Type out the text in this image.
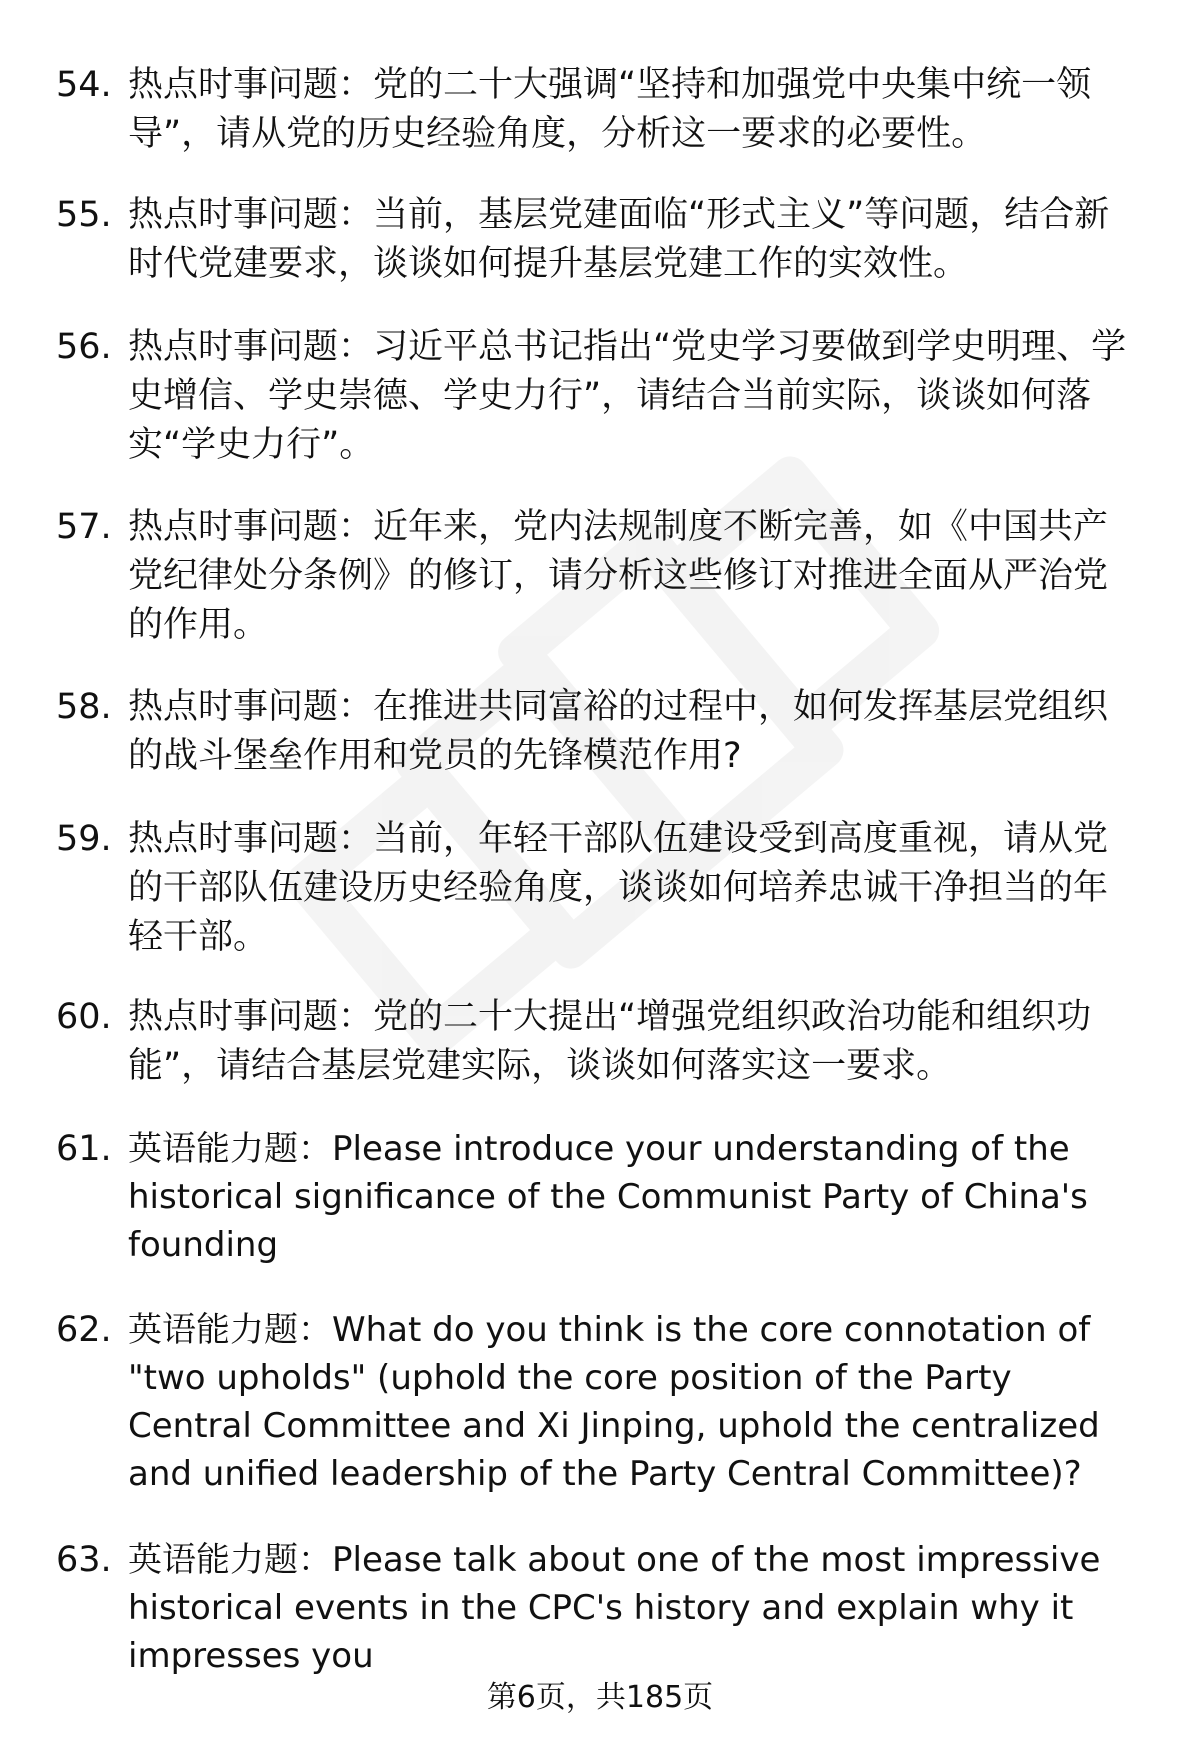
54. 热点时事问题：党的二十大强调“坚持和加强党中央集中统一领导”，请从党的历史经验角度，分析这一要求的必要性。
55. 热点时事问题：当前，基层党建面临“形式主义”等问题，结合新时代党建要求，谈谈如何提升基层党建工作的实效性。
56. 热点时事问题：习近平总书记指出“党史学习要做到学史明理、学史增信、学史崇德、学史力行”，请结合当前实际，谈谈如何落实“学史力行”。
57. 热点时事问题：近年来，党内法规制度不断完善，如《中国共产党纪律处分条例》的修订，请分析这些修订对推进全面从严治党的作用。
58. 热点时事问题：在推进共同富裕的过程中，如何发挥基层党组织的战斗堡垒作用和党员的先锋模范作用?
59. 热点时事问题：当前，年轻干部队伍建设受到高度重视，请从党的干部队伍建设历史经验角度，谈谈如何培养忠诚干净担当的年轻干部。
60. 热点时事问题：党的二十大提出“增强党组织政治功能和组织功能”，请结合基层党建实际，谈谈如何落实这一要求。
61. 英语能力题：Please introduce your understanding of the historical significance of the Communist Party of China's founding
62. 英语能力题：What do you think is the core connotation of "two upholds" (uphold the core position of the Party Central Committee and Xi Jinping, uphold the centralized and unified leadership of the Party Central Committee)?
63. 英语能力题：Please talk about one of the most impressive historical events in the CPC's history and explain why it impresses you
第6页，共185页
